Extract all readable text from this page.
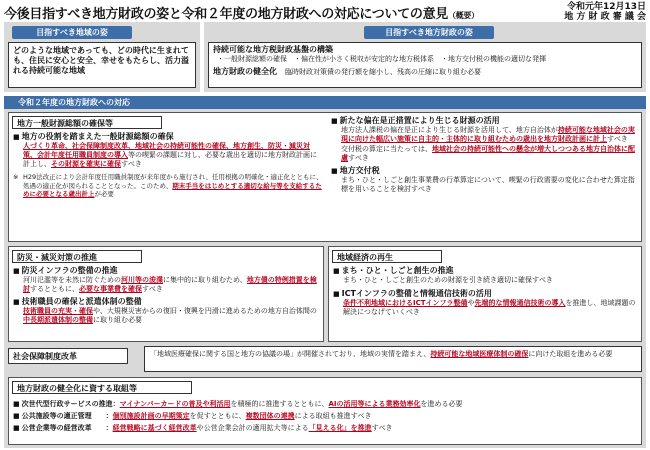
今後目指すべき地方財政の姿と令和２年度の地方財政への対応についての意見（概要）
令和元年12月13日
地 方 財 政 審 議 会
目指すべき地域の姿
どのような地域であっても、どの時代に生まれても、住民に安心と安全、幸せをもたらし、活力溢れる持続可能な地域
目指すべき地方財政の姿
持続可能な地方税財政基盤の構築
・一般財源総額の確保　・偏在性が小さく税収が安定的な地方税体系　・地方交付税の機能の適切な発揮
地方財政の健全化　 臨時財政対策債の発行額を縮小し、残高の圧縮に取り組む必要
令和２年度の地方財政への対応
地方一般財源総額の確保等
■ 地方の役割を踏まえた一般財源総額の確保
人づくり革命、社会保障制度改革、地域社会の持続可能性の確保、地方創生、防災・減災対策、会計年度任用職員制度の導入等の喫緊の課題に対し、必要な歳出を適切に地方財政計画に計上し、その財源を確実に確保すべき
※ H29法改正により会計年度任用職員制度が来年度から施行され、任用根拠の明確化・適正化とともに、処遇の適正化が図られることとなった。このため、期末手当をはじめとする適切な給与等を支給するために必要となる歳出計上が必要
■ 新たな偏在是正措置により生じる財源の活用
地方法人課税の偏在是正により生じる財源を活用して、地方自治体が持続可能な地域社会の実現に向けた幅広い施策に自主的・主体的に取り組むための歳出を地方財政計画に計上すべき
交付税の算定に当たっては、地域社会の持続可能性への懸念が増大しつつある地方自治体に配慮すべき
■ 地方交付税
まち・ひと・しごと創生事業費の行革算定について、喫緊の行政需要の変化に合わせた算定指標を用いることを検討すべき
防災・減災対策の推進
■ 防災インフラの整備の推進
河川氾濫等を未然に防ぐための河川等の浚渫に集中的に取り組むため、地方債の特例措置を検討するとともに、必要な事業費を確保すべき
■ 技術職員の確保と派遣体制の整備
技術職員の充実・確保や、大規模災害からの復旧・復興を円滑に進めるための地方自治体間の中長期派遣体制の整備に取り組む必要
地域経済の再生
■ まち・ひと・しごと創生の推進
まち・ひと・しごと創生のための財源を引き続き適切に確保すべき
■ ICTインフラの整備と情報通信技術の活用
条件不利地域におけるICTインフラ整備や先端的な情報通信技術の導入を推進し、地域課題の解決につなげていくべき
社会保障制度改革	「地域医療確保に関する国と地方の協議の場」が開催されており、地域の実情を踏まえ、持続可能な地域医療体制の確保に向けた取組を進める必要
地方財政の健全化に資する取組等
■ 次世代型行政サービスの推進：マイナンバーカードの普及や利活用を積極的に推進するとともに、AIの活用等による業務効率化を進める必要
■ 公共施設等の適正管理　　：個別施設計画の早期策定を促すとともに、複数団体の連携による取組も推進すべき
■ 公営企業等の経営改革　　：経営戦略に基づく経営改革や公営企業会計の適用拡大等による「見える化」を推進すべき
